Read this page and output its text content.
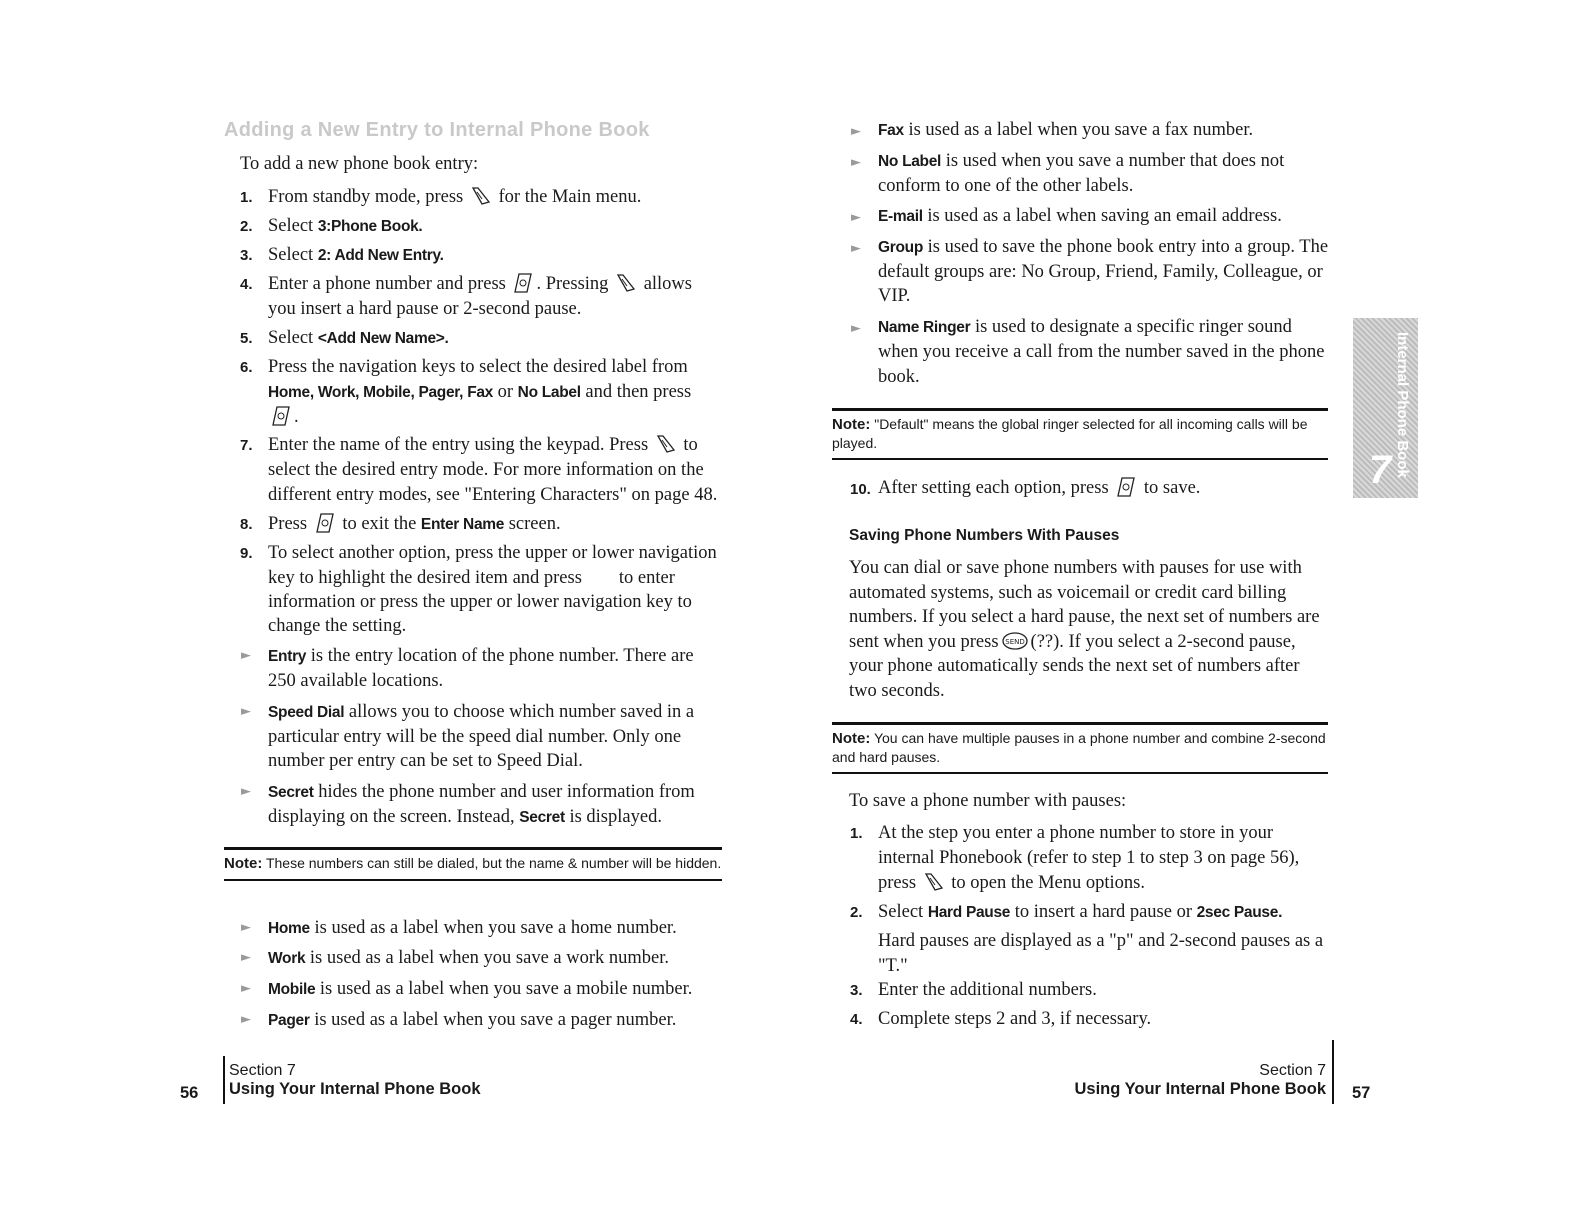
Adding a New Entry to Internal Phone Book
To add a new phone book entry:
1. From standby mode, press for the Main menu.
2. Select 3:Phone Book.
3. Select 2: Add New Entry.
4. Enter a phone number and press . Pressing allows
you insert a hard pause or 2-second pause.
5. Select <Add New Name>.
6. Press the navigation keys to select the desired label from
Home, Work, Mobile, Pager, Fax or No Label and then press
.
7. Enter the name of the entry using the keypad. Press to
select the desired entry mode. For more information on the
different entry modes, see "Entering Characters" on page 48.
8. Press to exit the Enter Name screen.
9. To select another option, press the upper or lower navigation
key to highlight the desired item and press        to enter
information or press the upper or lower navigation key to
change the setting.
► Entry is the entry location of the phone number. There are
250 available locations.
► Speed Dial allows you to choose which number saved in a
particular entry will be the speed dial number. Only one
number per entry can be set to Speed Dial.
► Secret hides the phone number and user information from
displaying on the screen. Instead, Secret is displayed.
Note: These numbers can still be dialed, but the name & number will be hidden.
► Home is used as a label when you save a home number.
► Work is used as a label when you save a work number.
► Mobile is used as a label when you save a mobile number.
► Pager is used as a label when you save a pager number.
Section 7
Using Your Internal Phone Book
56
► Fax is used as a label when you save a fax number.
► No Label is used when you save a number that does not
conform to one of the other labels.
► E-mail is used as a label when saving an email address.
► Group is used to save the phone book entry into a group. The
default groups are: No Group, Friend, Family, Colleague, or
VIP.
► Name Ringer is used to designate a specific ringer sound
when you receive a call from the number saved in the phone
book.
Note: "Default" means the global ringer selected for all incoming calls will be played.
10. After setting each option, press to save.
Saving Phone Numbers With Pauses
You can dial or save phone numbers with pauses for use with
automated systems, such as voicemail or credit card billing
numbers. If you select a hard pause, the next set of numbers are
sent when you press SEND (??). If you select a 2-second pause,
your phone automatically sends the next set of numbers after
two seconds.
Note: You can have multiple pauses in a phone number and combine 2-second and hard pauses.
To save a phone number with pauses:
1. At the step you enter a phone number to store in your
internal Phonebook (refer to step 1 to step 3 on page 56),
press to open the Menu options.
2. Select Hard Pause to insert a hard pause or 2sec Pause.
Hard pauses are displayed as a "p" and 2-second pauses as a
"T."
3. Enter the additional numbers.
4. Complete steps 2 and 3, if necessary.
Section 7
Using Your Internal Phone Book 57
Internal Phone Book
7
